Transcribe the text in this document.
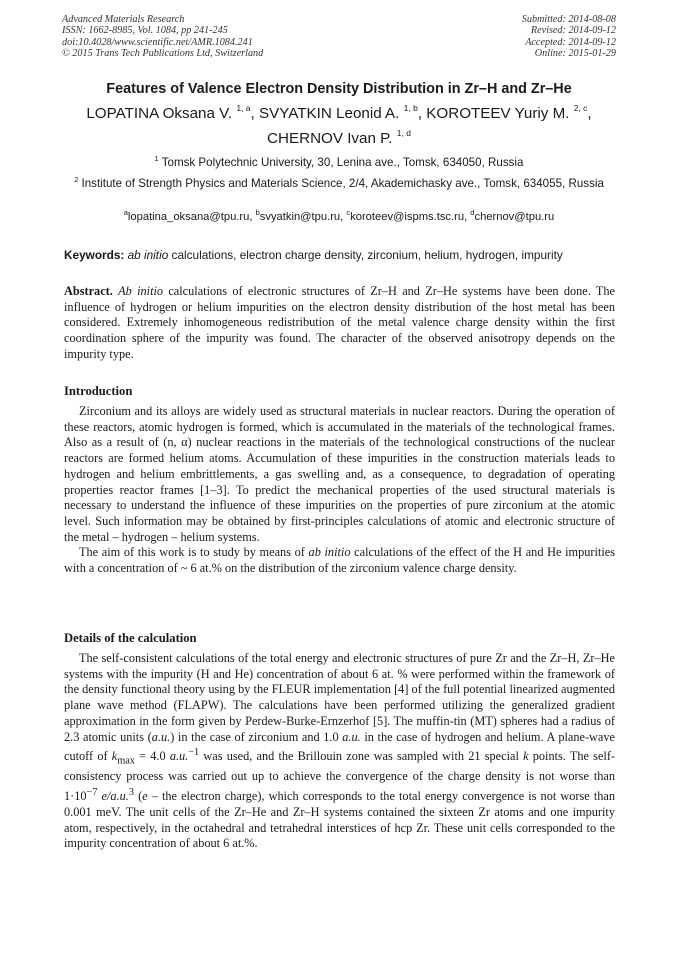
Advanced Materials Research
ISSN: 1662-8985, Vol. 1084, pp 241-245
doi:10.4028/www.scientific.net/AMR.1084.241
© 2015 Trans Tech Publications Ltd, Switzerland
Submitted: 2014-08-08
Revised: 2014-09-12
Accepted: 2014-09-12
Online: 2015-01-29
Features of Valence Electron Density Distribution in Zr–H and Zr–He
LOPATINA Oksana V. $^{1, a}$, SVYATKIN Leonid A. $^{1, b}$, KOROTEEV Yuriy M. $^{2, c}$,
CHERNOV Ivan P. $^{1, d}$
$^1$ Tomsk Polytechnic University, 30, Lenina ave., Tomsk, 634050, Russia
$^2$ Institute of Strength Physics and Materials Science, 2/4, Akademichasky ave., Tomsk, 634055, Russia
$^a$lopatina_oksana@tpu.ru, $^b$svyatkin@tpu.ru, $^c$koroteev@ispms.tsc.ru, $^d$chernov@tpu.ru
Keywords: ab initio calculations, electron charge density, zirconium, helium, hydrogen, impurity
Abstract. Ab initio calculations of electronic structures of Zr–H and Zr–He systems have been done. The influence of hydrogen or helium impurities on the electron density distribution of the host metal has been considered. Extremely inhomogeneous redistribution of the metal valence charge density within the first coordination sphere of the impurity was found. The character of the observed anisotropy depends on the impurity type.
Introduction

Zirconium and its alloys are widely used as structural materials in nuclear reactors. During the operation of these reactors, atomic hydrogen is formed, which is accumulated in the materials of the technological frames. Also as a result of (n, α) nuclear reactions in the materials of the technological constructions of the nuclear reactors are formed helium atoms. Accumulation of these impurities in the construction materials leads to hydrogen and helium embrittlements, a gas swelling and, as a consequence, to degradation of operating properties reactor frames [1–3]. To predict the mechanical properties of the used structural materials is necessary to understand the influence of these impurities on the properties of pure zirconium at the atomic level. Such information may be obtained by first-principles calculations of atomic and electronic structure of the metal – hydrogen – helium systems.

The aim of this work is to study by means of ab initio calculations of the effect of the H and He impurities with a concentration of ~ 6 at.% on the distribution of the zirconium valence charge density.

Details of the calculation

The self-consistent calculations of the total energy and electronic structures of pure Zr and the Zr–H, Zr–He systems with the impurity (H and He) concentration of about 6 at. % were performed within the framework of the density functional theory using by the FLEUR implementation [4] of the full potential linearized augmented plane wave method (FLAPW). The calculations have been performed utilizing the generalized gradient approximation in the form given by Perdew-Burke-Ernzerhof [5]. The muffin-tin (MT) spheres had a radius of 2.3 atomic units (a.u.) in the case of zirconium and 1.0 a.u. in the case of hydrogen and helium. A plane-wave cutoff of $k_{max} = 4.0$ a.u.$^{-1}$ was used, and the Brillouin zone was sampled with 21 special k points. The self-consistency process was carried out up to achieve the convergence of the charge density is not worse than $1\cdot 10^{-7}$ e/a.u.$^3$ (e – the electron charge), which corresponds to the total energy convergence is not worse than 0.001 meV. The unit cells of the Zr–He and Zr–H systems contained the sixteen Zr atoms and one impurity atom, respectively, in the octahedral and tetrahedral interstices of hcp Zr. These unit cells corresponded to the impurity concentration of about 6 at.%.
